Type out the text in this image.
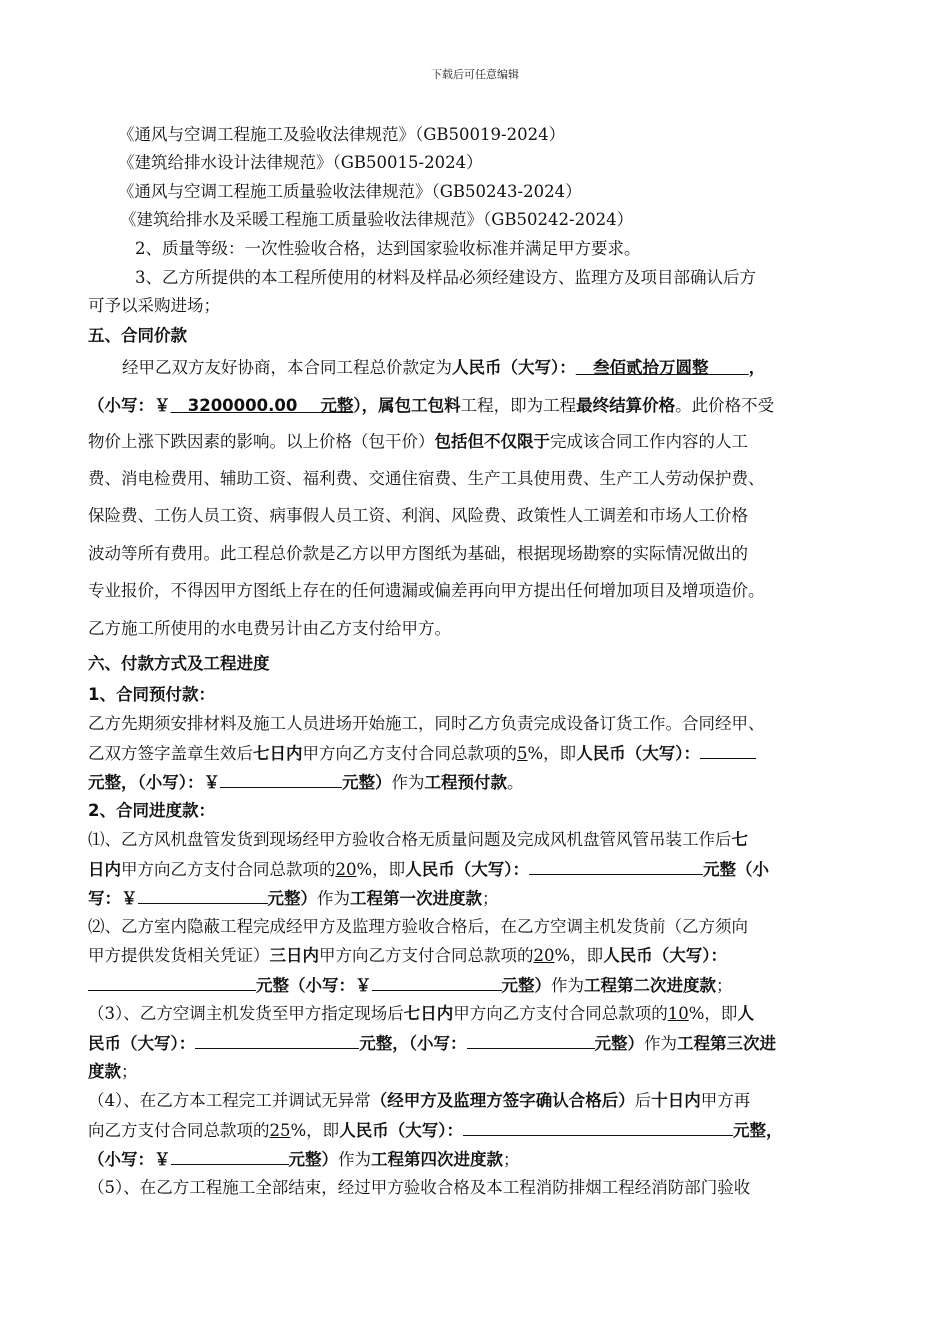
下载后可任意编辑
《通风与空调工程施工及验收法律规范》（GB50019-2024）
《建筑给排水设计法律规范》（GB50015-2024）
《通风与空调工程施工质量验收法律规范》（GB50243-2024）
《建筑给排水及采暖工程施工质量验收法律规范》（GB50242-2024）
2、质量等级：一次性验收合格，达到国家验收标准并满足甲方要求。
3、乙方所提供的本工程所使用的材料及样品必须经建设方、监理方及项目部确认后方
可予以采购进场；
五、合同价款
经甲乙双方友好协商，本合同工程总价款定为人民币（大写）： 叁佰贰拾万圆整 ，
（小写：￥ 3200000.00 元整），属包工包料工程，即为工程最终结算价格。此价格不受
物价上涨下跌因素的影响。以上价格（包干价）包括但不仅限于完成该合同工作内容的人工
费、消电检费用、辅助工资、福利费、交通住宿费、生产工具使用费、生产工人劳动保护费、
保险费、工伤人员工资、病事假人员工资、利润、风险费、政策性人工调差和市场人工价格
波动等所有费用。此工程总价款是乙方以甲方图纸为基础，根据现场勘察的实际情况做出的
专业报价，不得因甲方图纸上存在的任何遗漏或偏差再向甲方提出任何增加项目及增项造价。
乙方施工所使用的水电费另计由乙方支付给甲方。
六、付款方式及工程进度
1、合同预付款：
乙方先期须安排材料及施工人员进场开始施工，同时乙方负责完成设备订货工作。合同经甲、
乙双方签字盖章生效后七日内甲方向乙方支付合同总款项的5%，即人民币（大写）：
元整，（小写）：￥	元整）作为工程预付款。
2、合同进度款：
⑴、乙方风机盘管发货到现场经甲方验收合格无质量问题及完成风机盘管风管吊装工作后七
日内甲方向乙方支付合同总款项的20%，即人民币（大写）：	元整（小
写：￥	元整）作为工程第一次进度款；
⑵、乙方室内隐蔽工程完成经甲方及监理方验收合格后，在乙方空调主机发货前（乙方须向
甲方提供发货相关凭证）三日内甲方向乙方支付合同总款项的20%，即人民币（大写）：
元整（小写：￥	元整）作为工程第二次进度款；
（3）、乙方空调主机发货至甲方指定现场后七日内甲方向乙方支付合同总款项的10%，即人
民币（大写）：	元整，（小写：	元整）作为工程第三次进
度款；
（4）、在乙方本工程完工并调试无异常（经甲方及监理方签字确认合格后）后十日内甲方再
向乙方支付合同总款项的25%，即人民币（大写）：	元整，
（小写：￥	元整）作为工程第四次进度款；
（5）、在乙方工程施工全部结束，经过甲方验收合格及本工程消防排烟工程经消防部门验收
